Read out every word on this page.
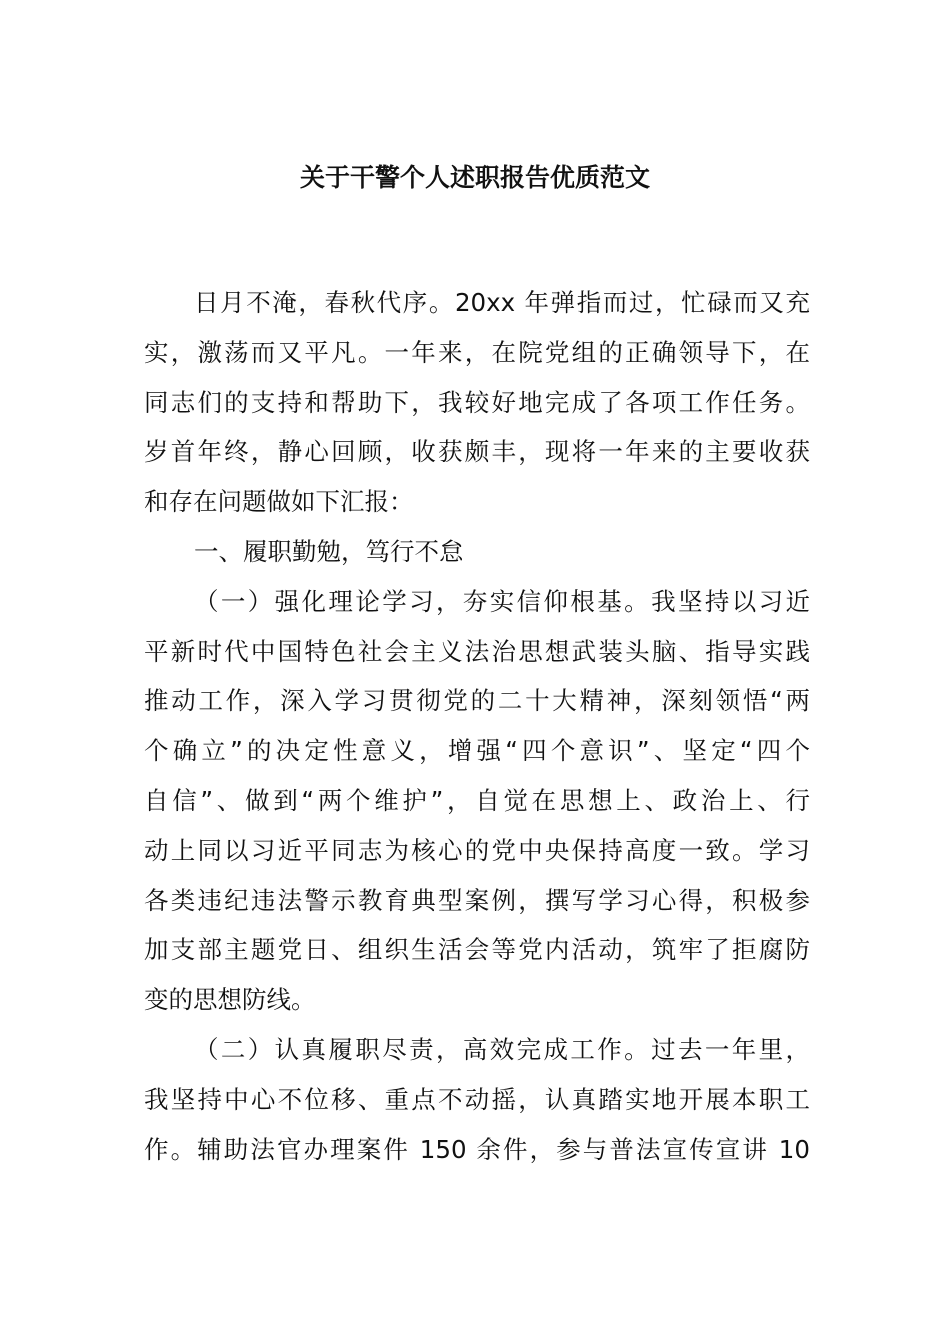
关于干警个人述职报告优质范文
日月不淹，春秋代序。20xx 年弹指而过，忙碌而又充
实，激荡而又平凡。一年来，在院党组的正确领导下，在
同志们的支持和帮助下，我较好地完成了各项工作任务。
岁首年终，静心回顾，收获颇丰，现将一年来的主要收获
和存在问题做如下汇报：
一、履职勤勉，笃行不怠
（一）强化理论学习，夯实信仰根基。我坚持以习近
平新时代中国特色社会主义法治思想武装头脑、指导实践
推动工作，深入学习贯彻党的二十大精神，深刻领悟“两
个确立”的决定性意义，增强“四个意识”、坚定“四个
自信”、做到“两个维护”，自觉在思想上、政治上、行
动上同以习近平同志为核心的党中央保持高度一致。学习
各类违纪违法警示教育典型案例，撰写学习心得，积极参
加支部主题党日、组织生活会等党内活动，筑牢了拒腐防
变的思想防线。
（二）认真履职尽责，高效完成工作。过去一年里，
我坚持中心不位移、重点不动摇，认真踏实地开展本职工
作。辅助法官办理案件 150 余件，参与普法宣传宣讲 10
